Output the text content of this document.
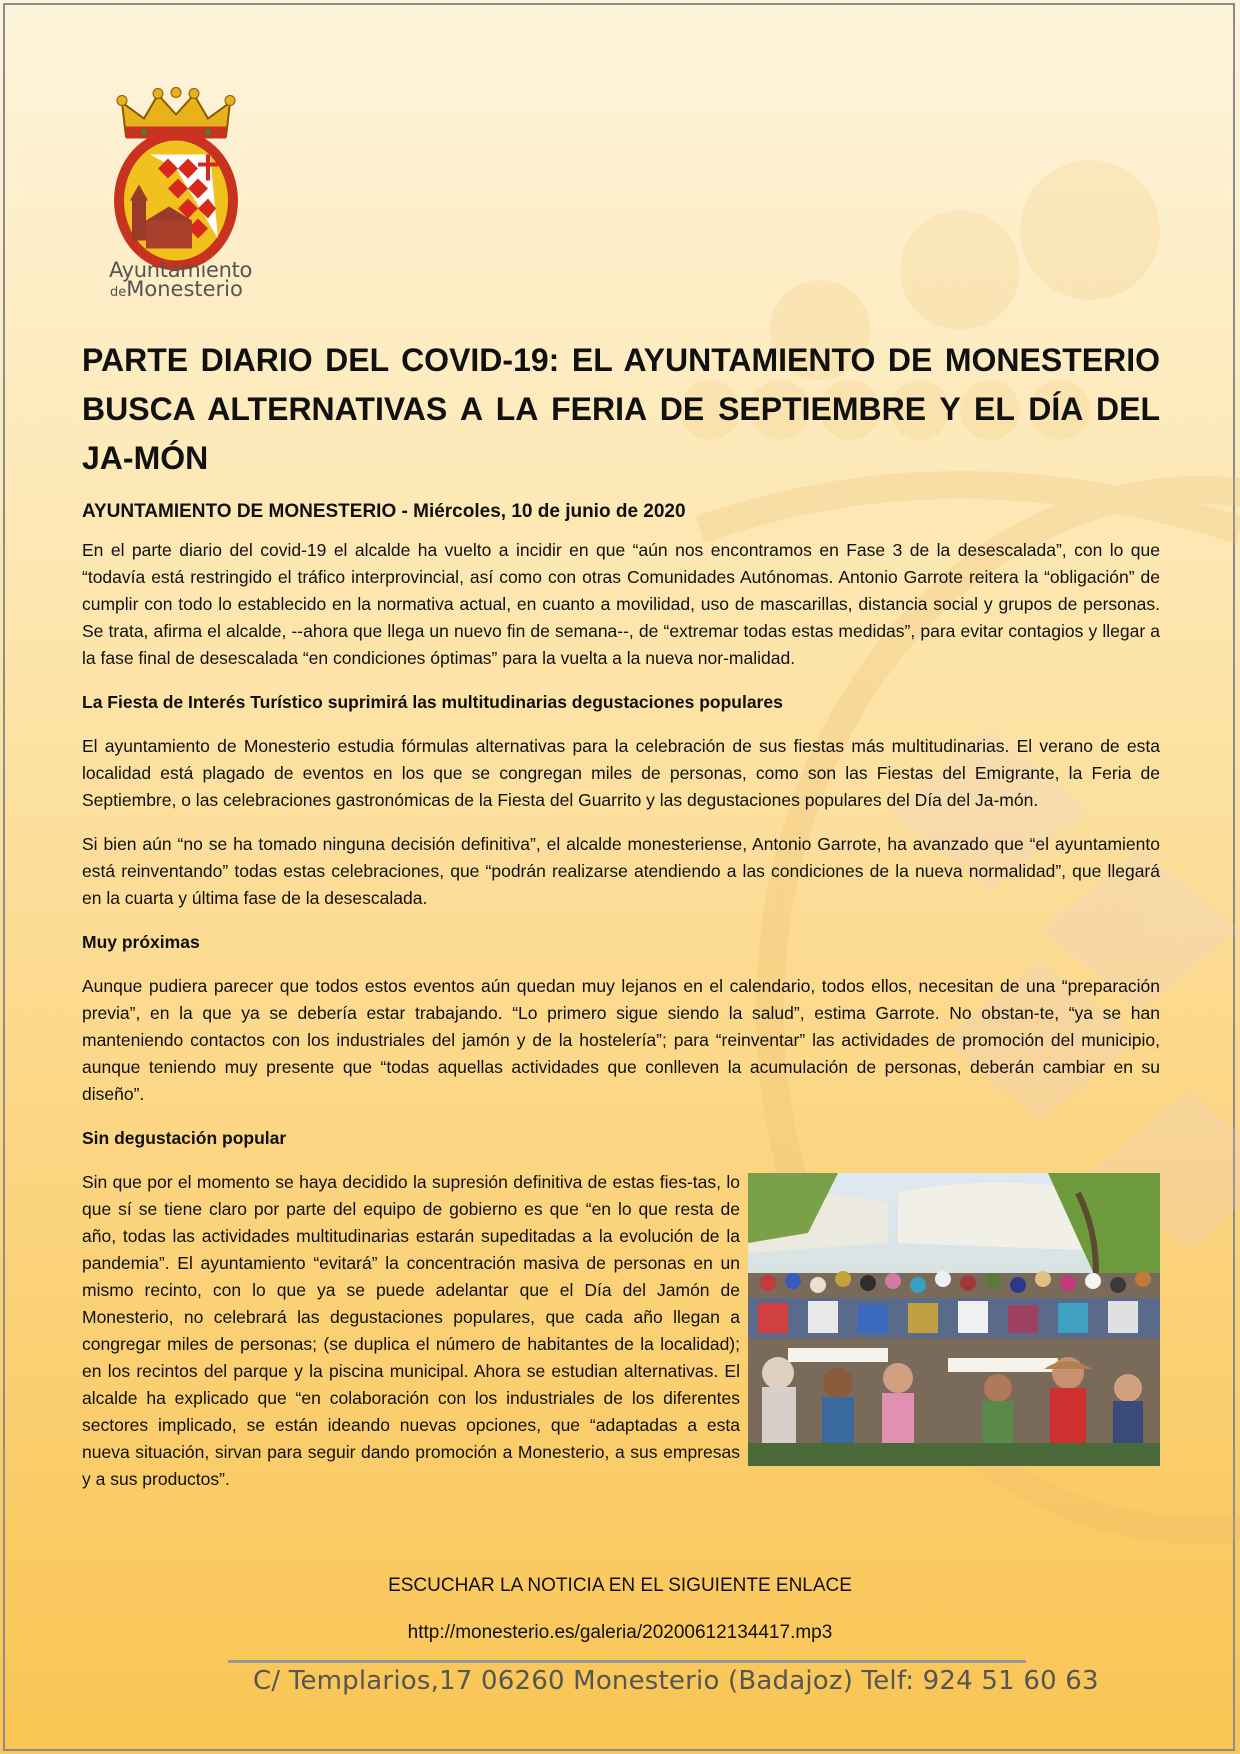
Ayuntamiento
deMonesterio
PARTE DIARIO DEL COVID-19: EL AYUNTAMIENTO DE MONESTERIO BUSCA ALTERNATIVAS A LA FERIA DE SEPTIEMBRE Y EL DÍA DEL JA-MÓN
AYUNTAMIENTO DE MONESTERIO - Miércoles, 10 de junio de 2020

En el parte diario del covid-19 el alcalde ha vuelto a incidir en que “aún nos encontramos en Fase 3 de la desescalada”, con lo que “todavía está restringido el tráfico interprovincial, así como con otras Comunidades Autónomas. Antonio Garrote reitera la “obligación” de cumplir con todo lo establecido en la normativa actual, en cuanto a movilidad, uso de mascarillas, distancia social y grupos de personas. Se trata, afirma el alcalde, --ahora que llega un nuevo fin de semana--, de “extremar todas estas medidas”, para evitar contagios y llegar a la fase final de desescalada “en condiciones óptimas” para la vuelta a la nueva nor-malidad.

La Fiesta de Interés Turístico suprimirá las multitudinarias degustaciones populares

El ayuntamiento de Monesterio estudia fórmulas alternativas para la celebración de sus fiestas más multitudinarias. El verano de esta localidad está plagado de eventos en los que se congregan miles de personas, como son las Fiestas del Emigrante, la Feria de Septiembre, o las celebraciones gastronómicas de la Fiesta del Guarrito y las degustaciones populares del Día del Ja-món.

Si bien aún “no se ha tomado ninguna decisión definitiva”, el alcalde monesteriense, Antonio Garrote, ha avanzado que “el ayuntamiento está reinventando” todas estas celebraciones, que “podrán realizarse atendiendo a las condiciones de la nueva normalidad”, que llegará en la cuarta y última fase de la desescalada.

Muy próximas

Aunque pudiera parecer que todos estos eventos aún quedan muy lejanos en el calendario, todos ellos, necesitan de una “preparación previa”, en la que ya se debería estar trabajando. “Lo primero sigue siendo la salud”, estima Garrote. No obstan-te, “ya se han manteniendo contactos con los industriales del jamón y de la hostelería”; para “reinventar” las actividades de promoción del municipio, aunque teniendo muy presente que “todas aquellas actividades que conlleven la acumulación de personas, deberán cambiar en su diseño”.

Sin degustación popular

Sin que por el momento se haya decidido la supresión definitiva de estas fies-tas, lo que sí se tiene claro por parte del equipo de gobierno es que “en lo que resta de año, todas las actividades multitudinarias estarán supeditadas a la evolución de la pandemia”. El ayuntamiento “evitará” la concentración masiva de personas en un mismo recinto, con lo que ya se puede adelantar que el Día del Jamón de Monesterio, no celebrará las degustaciones populares, que cada año llegan a congregar miles de personas; (se duplica el número de habitantes de la localidad); en los recintos del parque y la piscina municipal. Ahora se estudian alternativas. El alcalde ha explicado que “en colaboración con los industriales de los diferentes sectores implicado, se están ideando nuevas opciones, que “adaptadas a esta nueva situación, sirvan para seguir dando promoción a Monesterio, a sus empresas y a sus productos”.

ESCUCHAR LA NOTICIA EN EL SIGUIENTE ENLACE
http://monesterio.es/galeria/20200612134417.mp3
C/ Templarios,17 06260 Monesterio (Badajoz) Telf: 924 51 60 63
